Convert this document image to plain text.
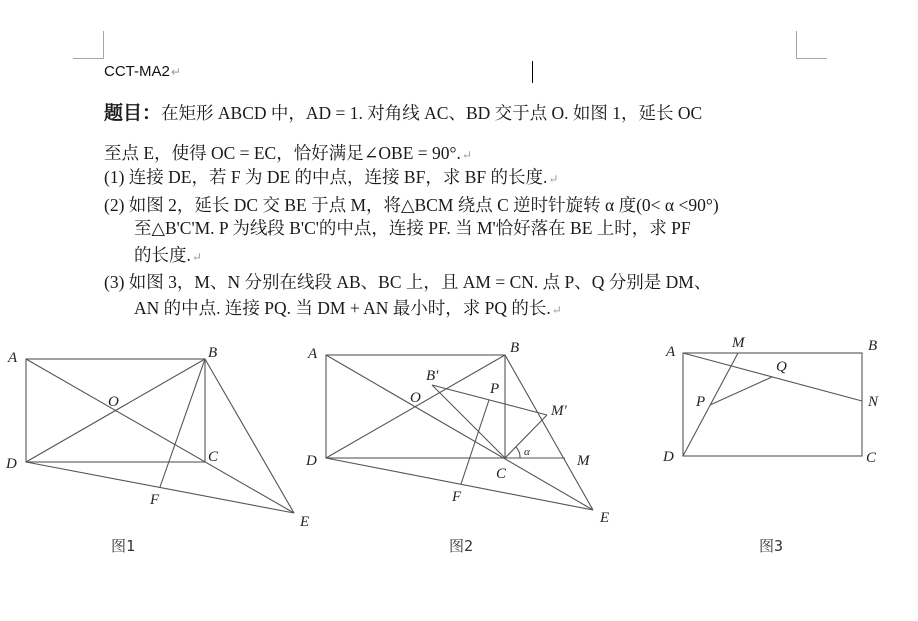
CCT-MA2↵
题目：在矩形 ABCD 中，AD = 1. 对角线 AC、BD 交于点 O. 如图 1，延长 OC
至点 E，使得 OC = EC，恰好满足∠OBE = 90°.↵
(1) 连接 DE，若 F 为 DE 的中点，连接 BF，求 BF 的长度.↵
(2) 如图 2，延长 DC 交 BE 于点 M，将△BCM 绕点 C 逆时针旋转 α 度(0< α <90°)
至△B'C'M. P 为线段 B'C'的中点，连接 PF. 当 M'恰好落在 BE 上时，求 PF
的长度.↵
(3) 如图 3，M、N 分别在线段 AB、BC 上，且 AM = CN. 点 P、Q 分别是 DM、
AN 的中点. 连接 PQ. 当 DM + AN 最小时，求 PQ 的长.↵
A	B
C
D
O
F
E
图1
A	B
C
D
O
B′
P
M′
M
α
F
E
图2
A
M	B
Q
P	N
D	C
图3
